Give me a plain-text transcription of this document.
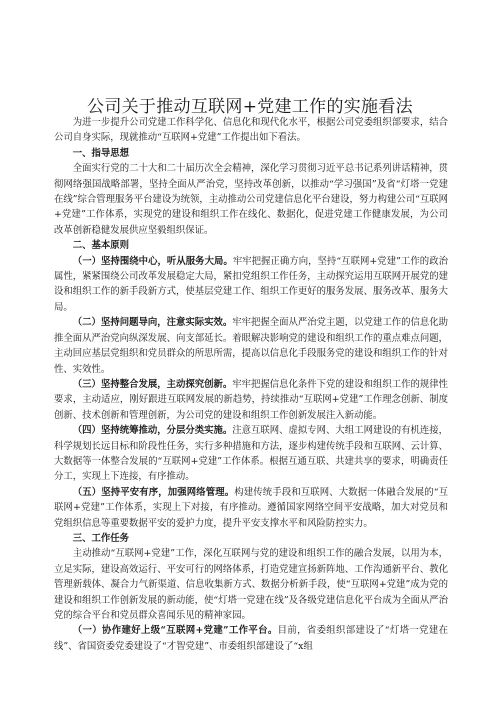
公司关于推动互联网+党建工作的实施看法

为进一步提升公司党建工作科学化、信息化和现代化水平，根据公司党委组织部要求，结合公司自身实际，现就推动“互联网+党建”工作提出如下看法。

一、指导思想

全面实行党的二十大和二十届历次全会精神，深化学习贯彻习近平总书记系列讲话精神，贯彻网络强国战略部署，坚持全面从严治党，坚持改革创新，以推动“学习强国”及省“灯塔一党建在线”综合管理服务平台建设为统领，主动推动公司党建信息化平台建设，努力构建公司“互联网+党建”工作体系，实现党的建设和组织工作在线化、数据化，促进党建工作健康发展，为公司改革创新稳健发展供应坚毅组织保证。

二、基本原则

（一）坚持围绕中心，听从服务大局。牢牢把握正确方向，坚持“互联网+党建”工作的政治属性，紧紧围绕公司改革发展稳定大局，紧扣党组织工作任务，主动探究运用互联网开展党的建设和组织工作的新手段新方式，使基层党建工作、组织工作更好的服务发展、服务改革、服务大局。

（二）坚持问题导向，注意实际实效。牢牢把握全面从严治党主题，以党建工作的信息化助推全面从严治党向纵深发展、向支部延长。着眼解决影响党的建设和组织工作的重点难点问题，主动回应基层党组织和党员群众的所思所需，提高以信息化手段服务党的建设和组织工作的针对性、实效性。

（三）坚持整合发展，主动探究创新。牢牢把握信息化条件下党的建设和组织工作的规律性要求，主动适应，刚好跟进互联网发展的新趋势，持续推动“互联网+党建”工作理念创新、制度创新、技术创新和管理创新，为公司党的建设和组织工作创新发展注入新动能。

（四）坚持统筹推动，分层分类实施。注意互联网、虚拟专网、大组工网建设的有机连接，科学规划长远目标和阶段性任务，实行多种措施和方法，逐步构建传统手段和互联网、云计算、大数据等一体整合发展的“互联网+党建”工作体系。根据互通互联、共建共享的要求，明确责任分工，实现上下连接，有序推动。

（五）坚持平安有序，加强网络管理。构建传统手段和互联网、大数据一体融合发展的“互联网+党建”工作体系，实现上下对接，有序推动。遵循国家网络空间平安战略，加大对党员和党组织信息等重要数据平安的爱护力度，提升平安支撑水平和风险防控实力。

三、工作任务

主动推动“互联网+党建”工作，深化互联网与党的建设和组织工作的融合发展，以用为本，立足实际，建设高效运行、平安可行的网络体系，打造党建宣扬新阵地、工作沟通新平台、教化管理新载体、凝合力气新渠道、信息收集新方式、数据分析新手段，使“互联网+党建”成为党的建设和组织工作创新发展的新动能，使“灯塔一党建在线”及各级党建信息化平台成为全面从严治党的综合平台和党员群众喜闻乐见的精神家园。

（一）协作建好上级“互联网+党建”工作平台。目前，省委组织部建设了“灯塔一党建在线”、省国资委党委建设了“才智党建”、市委组织部建设了“x组
